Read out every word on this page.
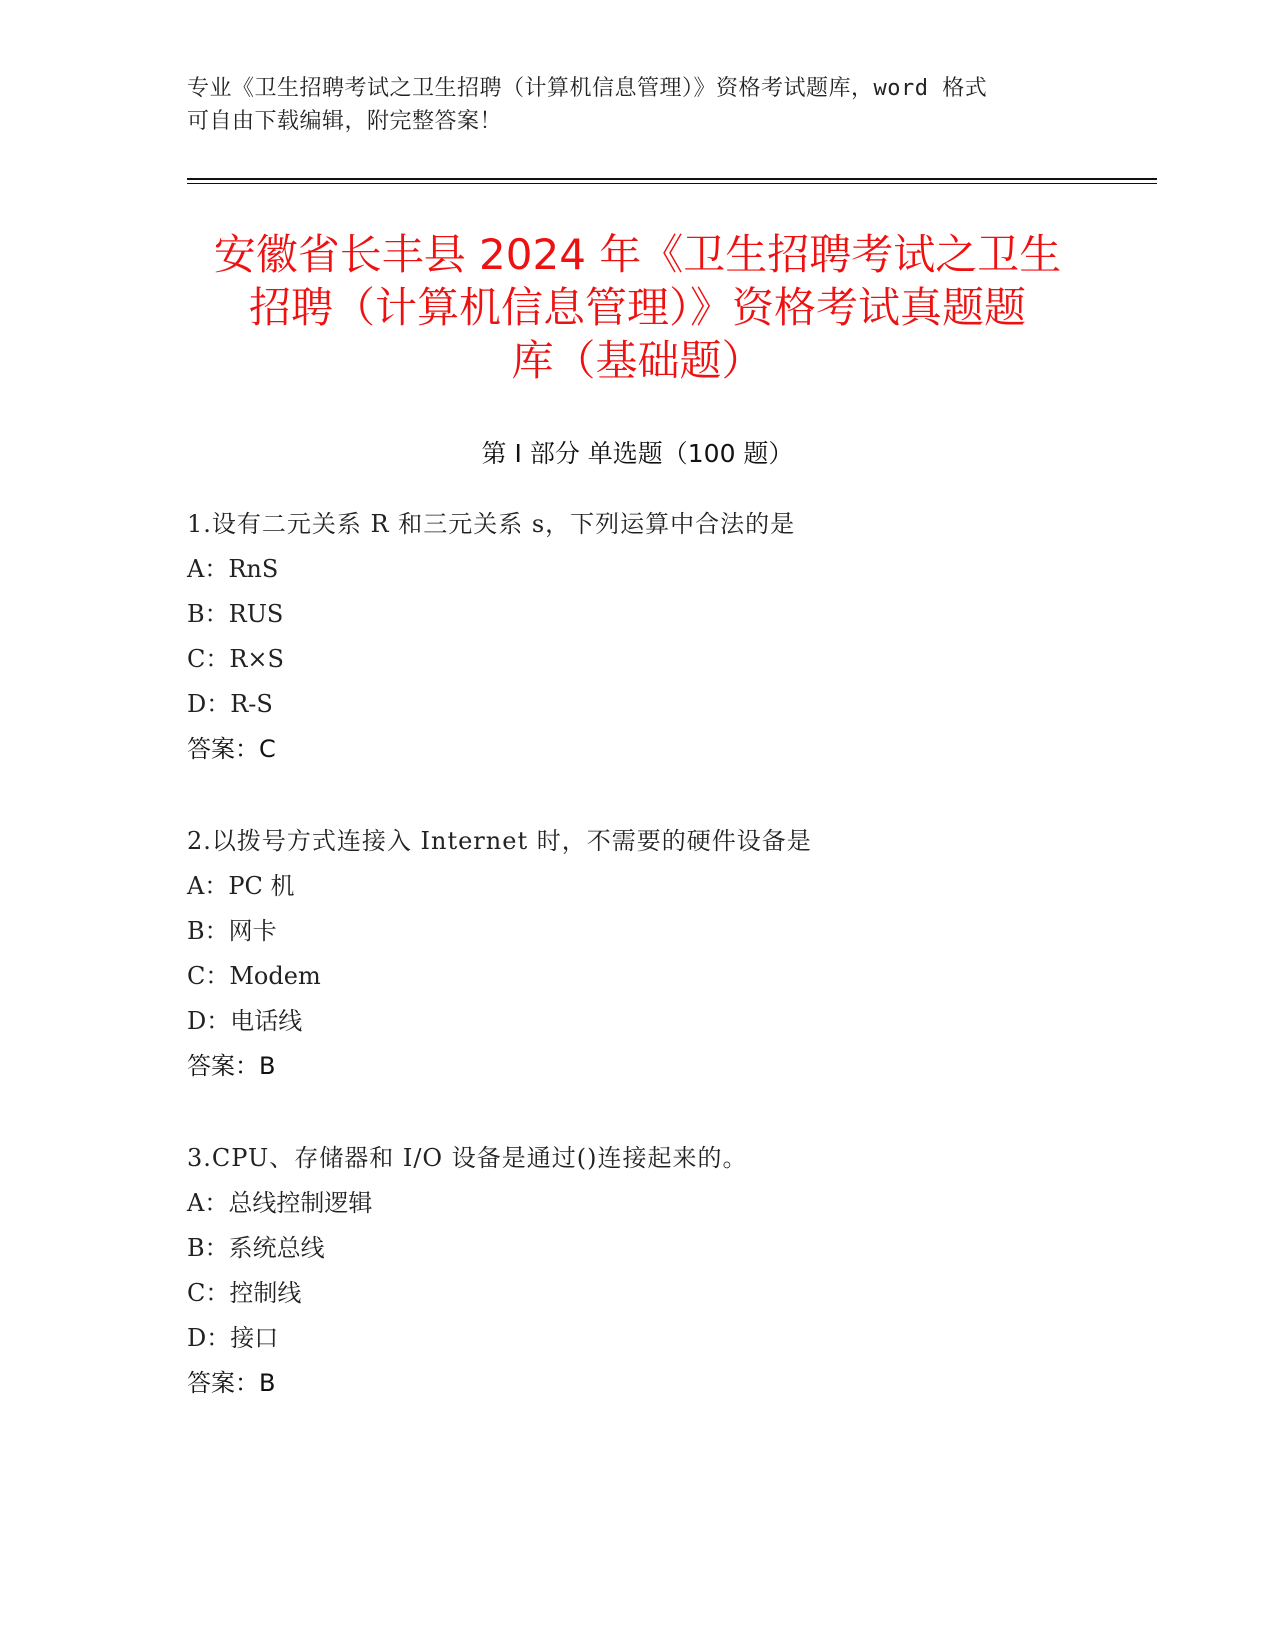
专业《卫生招聘考试之卫生招聘（计算机信息管理）》资格考试题库，word 格式
可自由下载编辑，附完整答案！
安徽省长丰县 2024 年《卫生招聘考试之卫生
招聘（计算机信息管理）》资格考试真题题
库（基础题）
第 I 部分 单选题（100 题）
1.设有二元关系 R 和三元关系 s，下列运算中合法的是
A：RnS
B：RUS
C：R×S
D：R-S
答案：C
2.以拨号方式连接入 Internet 时，不需要的硬件设备是
A：PC 机
B：网卡
C：Modem
D：电话线
答案：B
3.CPU、存储器和 I/O 设备是通过()连接起来的。
A：总线控制逻辑
B：系统总线
C：控制线
D：接口
答案：B
